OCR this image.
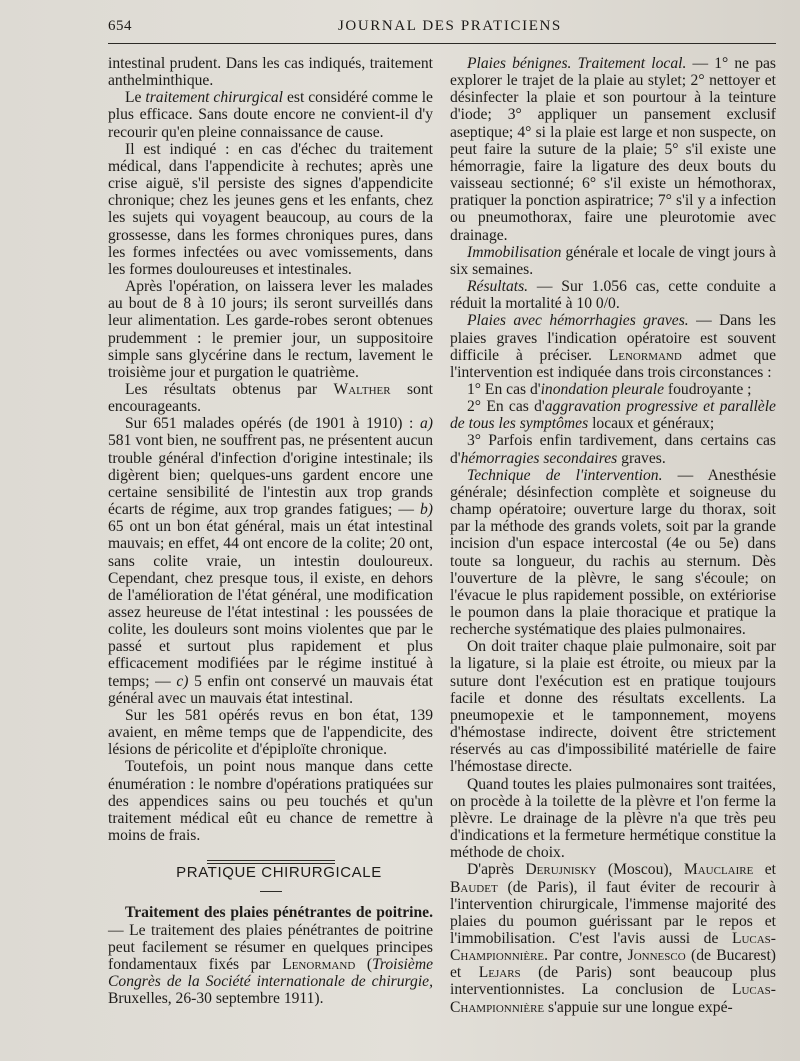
654	JOURNAL DES PRATICIENS

intestinal prudent. Dans les cas indiqués, traitement anthelminthique.

Le traitement chirurgical est considéré comme le plus efficace. Sans doute encore ne convient-il d'y recourir qu'en pleine connaissance de cause.

Il est indiqué : en cas d'échec du traitement médical, dans l'appendicite à rechutes; après une crise aiguë, s'il persiste des signes d'appendicite chronique; chez les jeunes gens et les enfants, chez les sujets qui voyagent beaucoup, au cours de la grossesse, dans les formes chroniques pures, dans les formes infectées ou avec vomissements, dans les formes douloureuses et intestinales.

Après l'opération, on laissera lever les malades au bout de 8 à 10 jours; ils seront surveillés dans leur alimentation. Les garde-robes seront obtenues prudemment : le premier jour, un suppositoire simple sans glycérine dans le rectum, lavement le troisième jour et purgation le quatrième.

Les résultats obtenus par Walther sont encourageants.

Sur 651 malades opérés (de 1901 à 1910) : a) 581 vont bien, ne souffrent pas, ne présentent aucun trouble général d'infection d'origine intestinale; ils digèrent bien; quelques-uns gardent encore une certaine sensibilité de l'intestin aux trop grands écarts de régime, aux trop grandes fatigues; — b) 65 ont un bon état général, mais un état intestinal mauvais; en effet, 44 ont encore de la colite; 20 ont, sans colite vraie, un intestin douloureux. Cependant, chez presque tous, il existe, en dehors de l'amélioration de l'état général, une modification assez heureuse de l'état intestinal : les poussées de colite, les douleurs sont moins violentes que par le passé et surtout plus rapidement et plus efficacement modifiées par le régime institué à temps; — c) 5 enfin ont conservé un mauvais état général avec un mauvais état intestinal.

Sur les 581 opérés revus en bon état, 139 avaient, en même temps que de l'appendicite, des lésions de péricolite et d'épiploïte chronique.

Toutefois, un point nous manque dans cette énumération : le nombre d'opérations pratiquées sur des appendices sains ou peu touchés et qu'un traitement médical eût eu chance de remettre à moins de frais.

PRATIQUE CHIRURGICALE

Traitement des plaies pénétrantes de poitrine. — Le traitement des plaies pénétrantes de poitrine peut facilement se résumer en quelques principes fondamentaux fixés par Lenormand (Troisième Congrès de la Société internationale de chirurgie, Bruxelles, 26-30 septembre 1911).

Plaies bénignes. Traitement local. — 1° ne pas explorer le trajet de la plaie au stylet; 2° nettoyer et désinfecter la plaie et son pourtour à la teinture d'iode; 3° appliquer un pansement exclusif aseptique; 4° si la plaie est large et non suspecte, on peut faire la suture de la plaie; 5° s'il existe une hémorragie, faire la ligature des deux bouts du vaisseau sectionné; 6° s'il existe un hémothorax, pratiquer la ponction aspiratrice; 7° s'il y a infection ou pneumothorax, faire une pleurotomie avec drainage.

Immobilisation générale et locale de vingt jours à six semaines.

Résultats. — Sur 1.056 cas, cette conduite a réduit la mortalité à 10 0/0.

Plaies avec hémorrhagies graves. — Dans les plaies graves l'indication opératoire est souvent difficile à préciser. Lenormand admet que l'intervention est indiquée dans trois circonstances :

1° En cas d'inondation pleurale foudroyante ;

2° En cas d'aggravation progressive et parallèle de tous les symptômes locaux et généraux;

3° Parfois enfin tardivement, dans certains cas d'hémorragies secondaires graves.

Technique de l'intervention. — Anesthésie générale; désinfection complète et soigneuse du champ opératoire; ouverture large du thorax, soit par la méthode des grands volets, soit par la grande incision d'un espace intercostal (4e ou 5e) dans toute sa longueur, du rachis au sternum. Dès l'ouverture de la plèvre, le sang s'écoule; on l'évacue le plus rapidement possible, on extériorise le poumon dans la plaie thoracique et pratique la recherche systématique des plaies pulmonaires.

On doit traiter chaque plaie pulmonaire, soit par la ligature, si la plaie est étroite, ou mieux par la suture dont l'exécution est en pratique toujours facile et donne des résultats excellents. La pneumopexie et le tamponnement, moyens d'hémostase indirecte, doivent être strictement réservés au cas d'impossibilité matérielle de faire l'hémostase directe.

Quand toutes les plaies pulmonaires sont traitées, on procède à la toilette de la plèvre et l'on ferme la plèvre. Le drainage de la plèvre n'a que très peu d'indications et la fermeture hermétique constitue la méthode de choix.

D'après Derujnisky (Moscou), Mauclaire et Baudet (de Paris), il faut éviter de recourir à l'intervention chirurgicale, l'immense majorité des plaies du poumon guérissant par le repos et l'immobilisation. C'est l'avis aussi de Lucas-Championnière. Par contre, Jonnesco (de Bucarest) et Lejars (de Paris) sont beaucoup plus interventionnistes. La conclusion de Lucas-Championnière s'appuie sur une longue expé-
